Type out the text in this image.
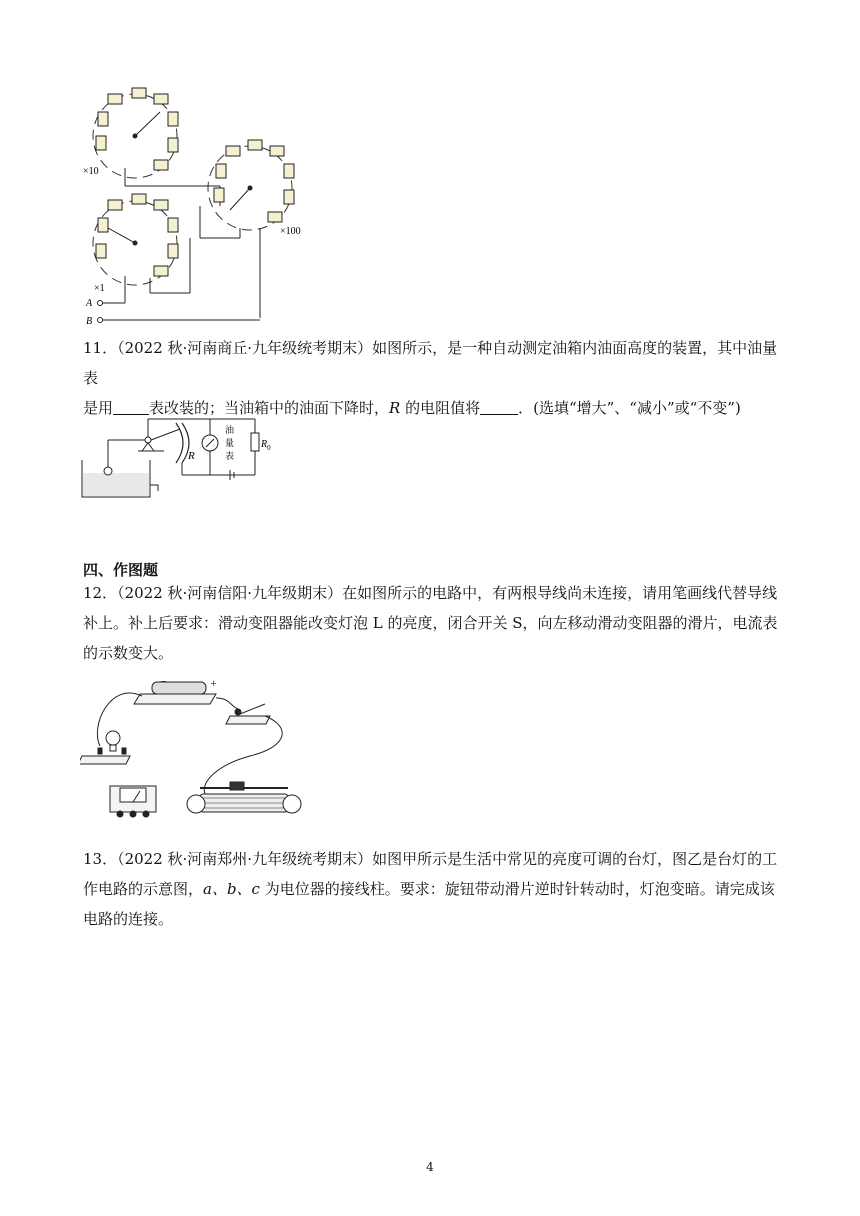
×10
×100
×1
A
B
11．（2022 秋·河南商丘·九年级统考期末）如图所示，是一种自动测定油箱内油面高度的装置，其中油量表
是用 表改装的；当油箱中的油面下降时，R 的电阻值将	．(选填“增大”、“减小”或“不变”)
R
油
量
表
$R_0$
四、作图题
12．（2022 秋·河南信阳·九年级期末）在如图所示的电路中，有两根导线尚未连接，请用笔画线代替导线
补上。补上后要求：滑动变阻器能改变灯泡 L 的亮度，闭合开关 S，向左移动滑动变阻器的滑片，电流表
的示数变大。
−	+
13．（2022 秋·河南郑州·九年级统考期末）如图甲所示是生活中常见的亮度可调的台灯，图乙是台灯的工
作电路的示意图，a、b、c 为电位器的接线柱。要求：旋钮带动滑片逆时针转动时，灯泡变暗。请完成该
电路的连接。
4
